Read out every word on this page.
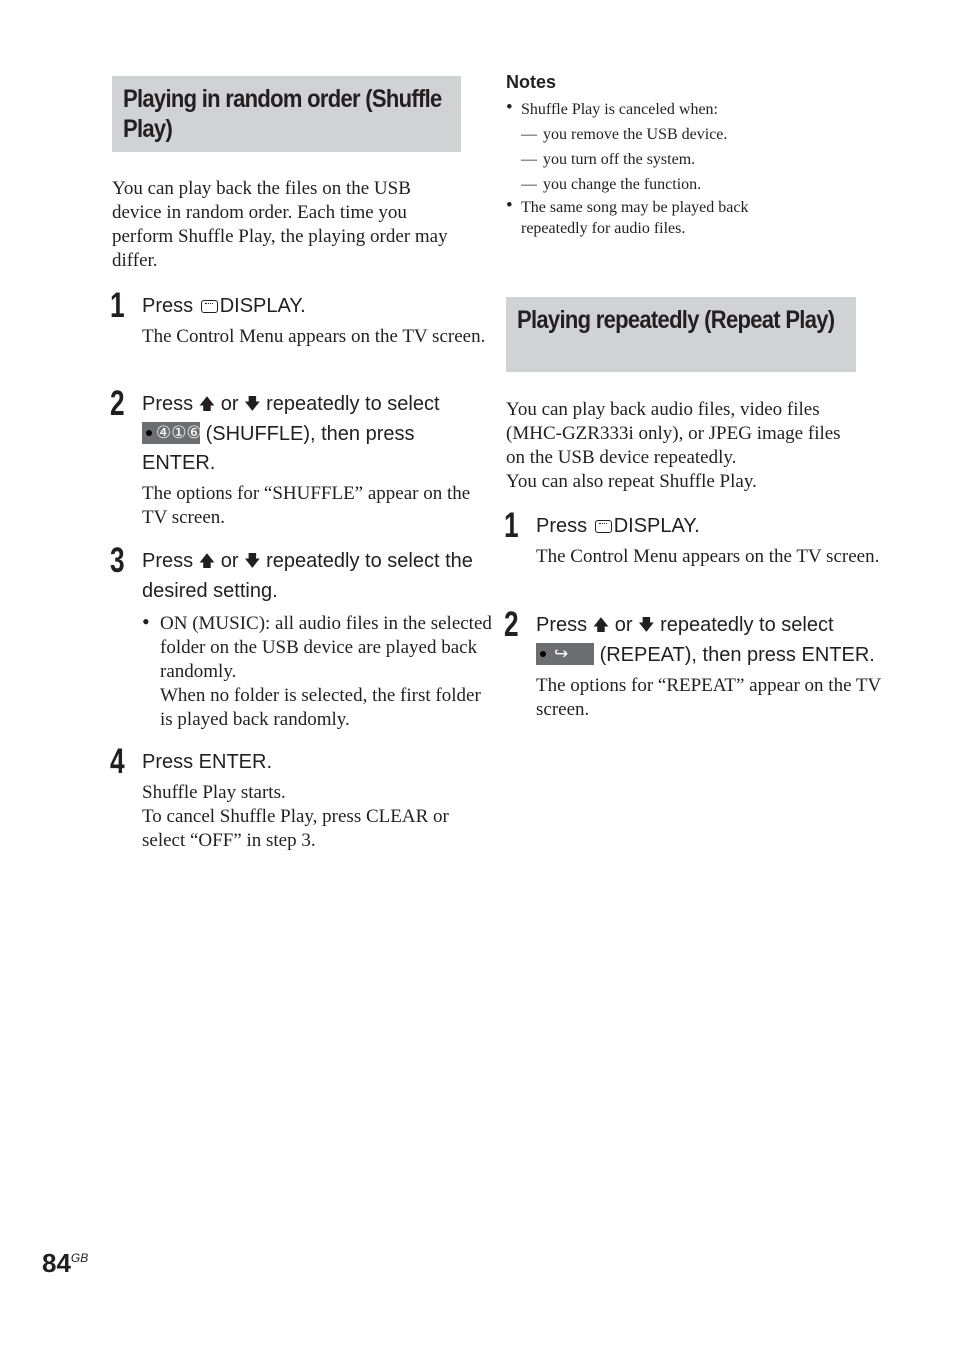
Playing in random order (Shuffle Play)

You can play back the files on the USB device in random order. Each time you perform Shuffle Play, the playing order may differ.

1 Press DISPLAY.

The Control Menu appears on the TV screen.

2 Press 🡅 or 🡇 repeatedly to select
④①⑥ (SHUFFLE), then press ENTER.

The options for “SHUFFLE” appear on the TV screen.

3 Press 🡅 or 🡇 repeatedly to select the desired setting.

• ON (MUSIC): all audio files in the selected folder on the USB device are played back randomly.
When no folder is selected, the first folder is played back randomly.
4 Press ENTER.

Shuffle Play starts.
To cancel Shuffle Play, press CLEAR or select “OFF” in step 3.

Notes

• Shuffle Play is canceled when:
— you remove the USB device.
— you turn off the system.
— you change the function.
• The same song may be played back repeatedly for audio files.
Playing repeatedly (Repeat Play)

You can play back audio files, video files (MHC-GZR333i only), or JPEG image files on the USB device repeatedly.
You can also repeat Shuffle Play.

1 Press DISPLAY.

The Control Menu appears on the TV screen.

2 Press 🡅 or 🡇 repeatedly to select
↪ (REPEAT), then press ENTER.

The options for “REPEAT” appear on the TV screen.

$84^{GB}$
